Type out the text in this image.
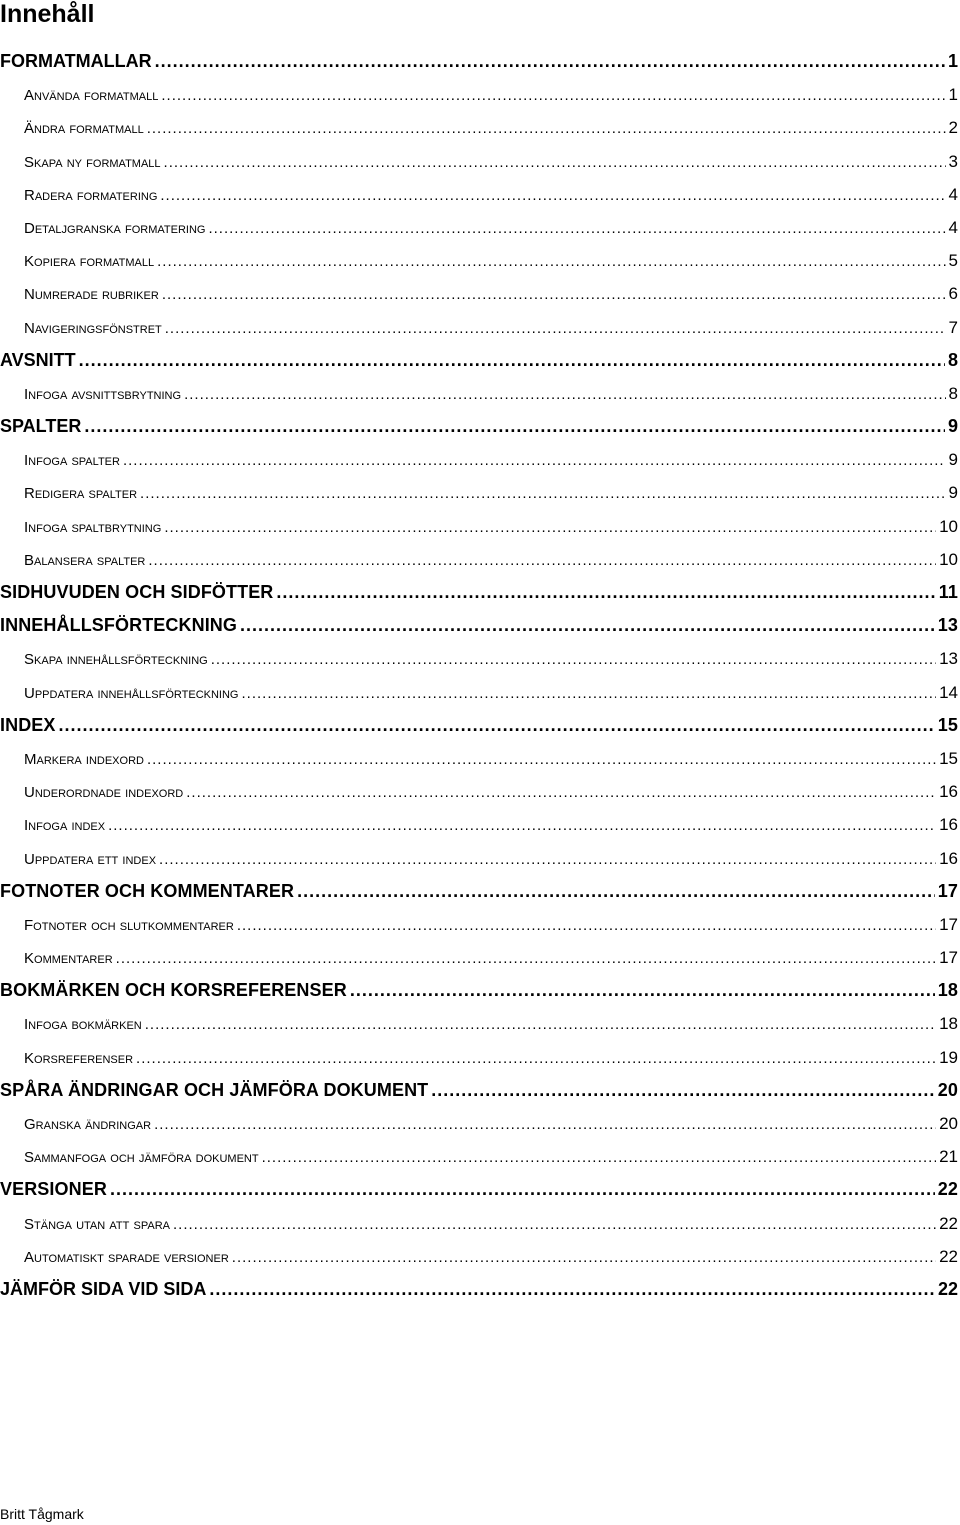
Innehåll
FORMATMALLAR .....	1
Använda formatmall .....	1
Ändra formatmall .....	2
Skapa ny formatmall .....	3
Radera formatering .....	4
Detaljgranska formatering .....	4
Kopiera formatmall .....	5
Numrerade rubriker .....	6
Navigeringsfönstret .....	7
AVSNITT .....	8
Infoga avsnittsbrytning .....	8
SPALTER .....	9
Infoga spalter .....	9
Redigera spalter .....	9
Infoga spaltbrytning .....	10
Balansera spalter .....	10
SIDHUVUDEN OCH SIDFÖTTER .....	11
INNEHÅLLSFÖRTECKNING .....	13
Skapa innehållsförteckning .....	13
Uppdatera innehållsförteckning .....	14
INDEX .....	15
Markera indexord .....	15
Underordnade indexord .....	16
Infoga index .....	16
Uppdatera ett index .....	16
FOTNOTER OCH KOMMENTARER .....	17
Fotnoter och slutkommentarer .....	17
Kommentarer .....	17
BOKMÄRKEN OCH KORSREFERENSER .....	18
Infoga bokmärken .....	18
Korsreferenser .....	19
SPÅRA ÄNDRINGAR OCH JÄMFÖRA DOKUMENT .....	20
Granska ändringar .....	20
Sammanfoga och jämföra dokument .....	21
VERSIONER .....	22
Stänga utan att spara .....	22
Automatiskt sparade versioner .....	22
JÄMFÖR SIDA VID SIDA .....	22
Britt Tågmark
